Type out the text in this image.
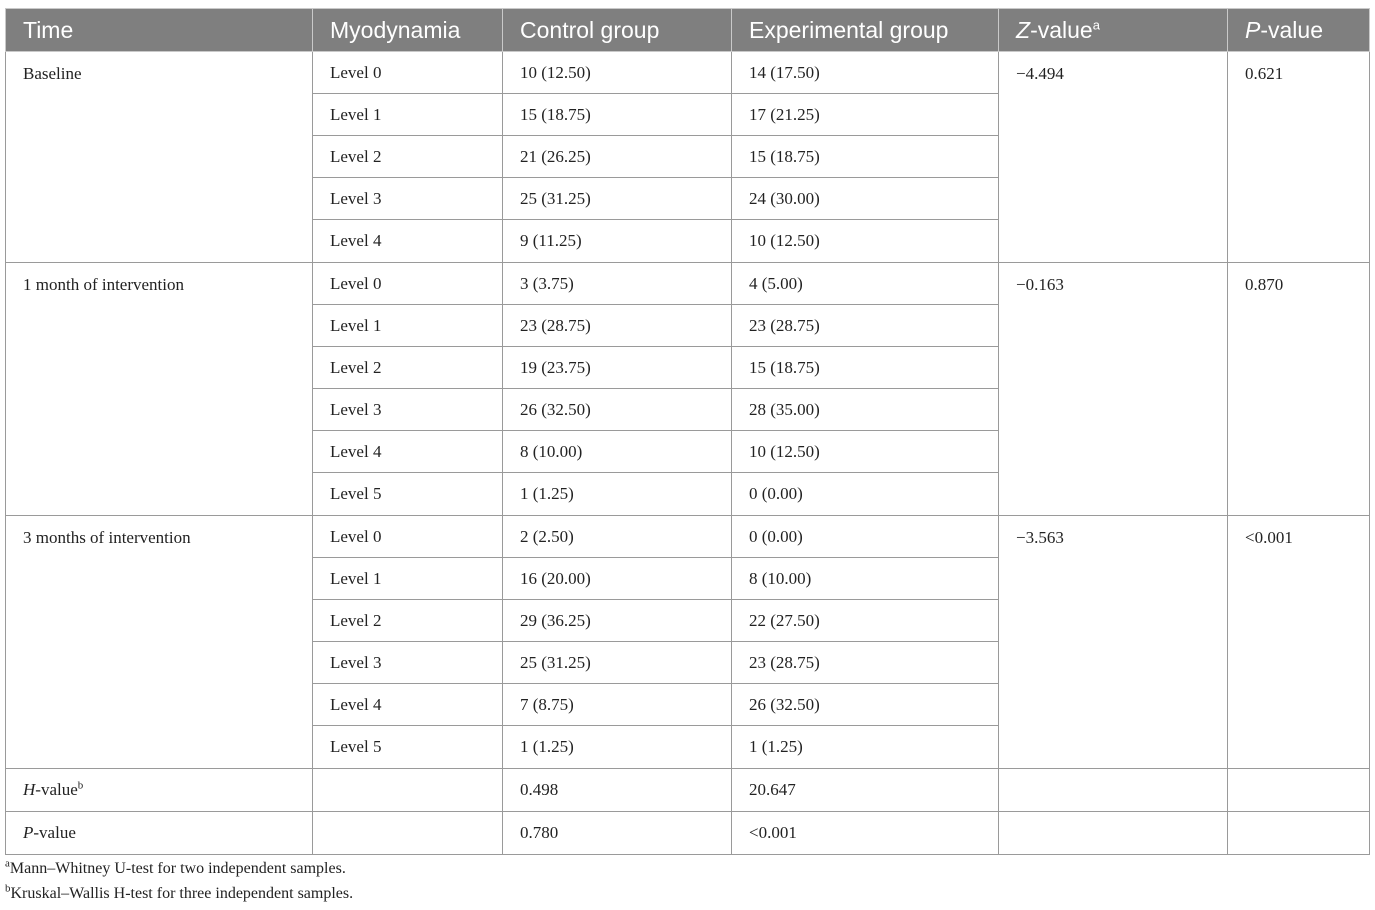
Time	Myodynamia	Control group	Experimental group	Z-value$^a$	P-value
Baseline	Level 0	10 (12.50)	14 (17.50)	−4.494	0.621
	Level 1	15 (18.75)	17 (21.25)		
	Level 2	21 (26.25)	15 (18.75)		
	Level 3	25 (31.25)	24 (30.00)		
	Level 4	9 (11.25)	10 (12.50)		
1 month of intervention	Level 0	3 (3.75)	4 (5.00)	−0.163	0.870
	Level 1	23 (28.75)	23 (28.75)		
	Level 2	19 (23.75)	15 (18.75)		
	Level 3	26 (32.50)	28 (35.00)		
	Level 4	8 (10.00)	10 (12.50)		
	Level 5	1 (1.25)	0 (0.00)		
3 months of intervention	Level 0	2 (2.50)	0 (0.00)	−3.563	<0.001
	Level 1	16 (20.00)	8 (10.00)		
	Level 2	29 (36.25)	22 (27.50)		
	Level 3	25 (31.25)	23 (28.75)		
	Level 4	7 (8.75)	26 (32.50)		
	Level 5	1 (1.25)	1 (1.25)		
H-value$^b$		0.498	20.647		
P-value		0.780	<0.001		
$^a$Mann–Whitney U-test for two independent samples.
$^b$Kruskal–Wallis H-test for three independent samples.
